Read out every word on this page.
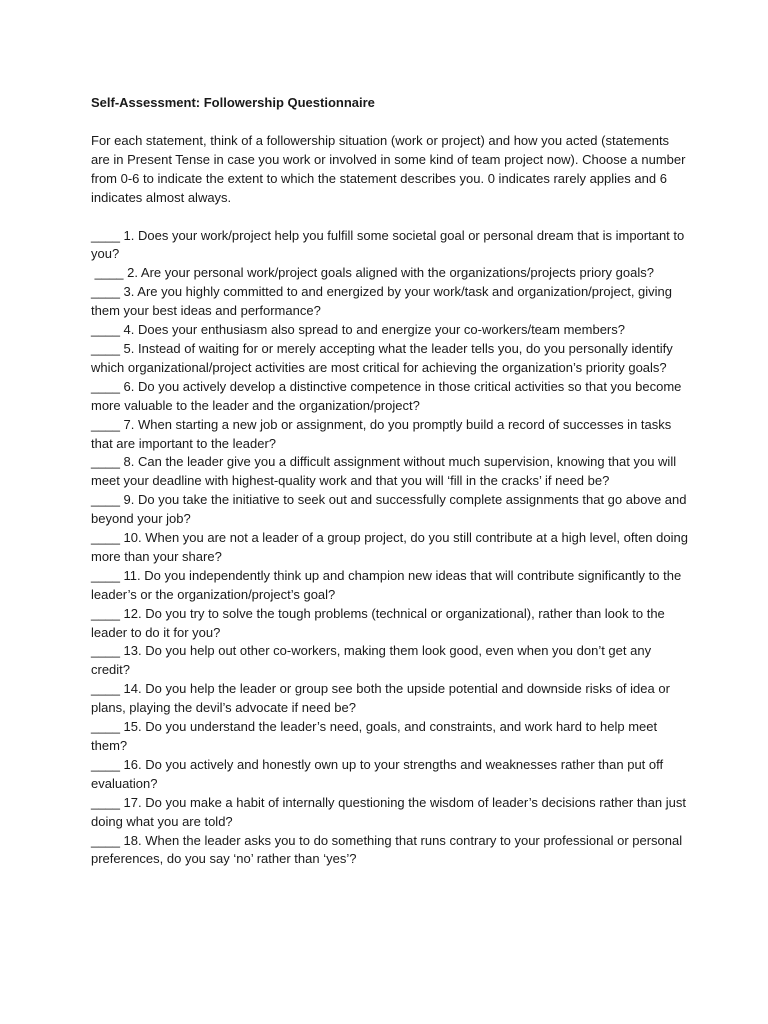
Self-Assessment: Followership Questionnaire

For each statement, think of a followership situation (work or project) and how you acted (statements are in Present Tense in case you work or involved in some kind of team project now). Choose a number from 0-6 to indicate the extent to which the statement describes you. 0 indicates rarely applies and 6 indicates almost always.

____ 1. Does your work/project help you fulfill some societal goal or personal dream that is important to you?

____ 2. Are your personal work/project goals aligned with the organizations/projects priory goals?

____ 3. Are you highly committed to and energized by your work/task and organization/project, giving them your best ideas and performance?

____ 4. Does your enthusiasm also spread to and energize your co-workers/team members?

____ 5. Instead of waiting for or merely accepting what the leader tells you, do you personally identify which organizational/project activities are most critical for achieving the organization’s priority goals?

____ 6. Do you actively develop a distinctive competence in those critical activities so that you become more valuable to the leader and the organization/project?

____ 7. When starting a new job or assignment, do you promptly build a record of successes in tasks that are important to the leader?

____ 8. Can the leader give you a difficult assignment without much supervision, knowing that you will meet your deadline with highest-quality work and that you will ‘fill in the cracks’ if need be?

____ 9. Do you take the initiative to seek out and successfully complete assignments that go above and beyond your job?

____ 10. When you are not a leader of a group project, do you still contribute at a high level, often doing more than your share?

____ 11. Do you independently think up and champion new ideas that will contribute significantly to the leader’s or the organization/project’s goal?

____ 12. Do you try to solve the tough problems (technical or organizational), rather than look to the leader to do it for you?

____ 13. Do you help out other co-workers, making them look good, even when you don’t get any credit?

____ 14. Do you help the leader or group see both the upside potential and downside risks of idea or plans, playing the devil’s advocate if need be?

____ 15. Do you understand the leader’s need, goals, and constraints, and work hard to help meet them?

____ 16. Do you actively and honestly own up to your strengths and weaknesses rather than put off evaluation?

____ 17. Do you make a habit of internally questioning the wisdom of leader’s decisions rather than just doing what you are told?

____ 18. When the leader asks you to do something that runs contrary to your professional or personal preferences, do you say ‘no’ rather than ‘yes’?
